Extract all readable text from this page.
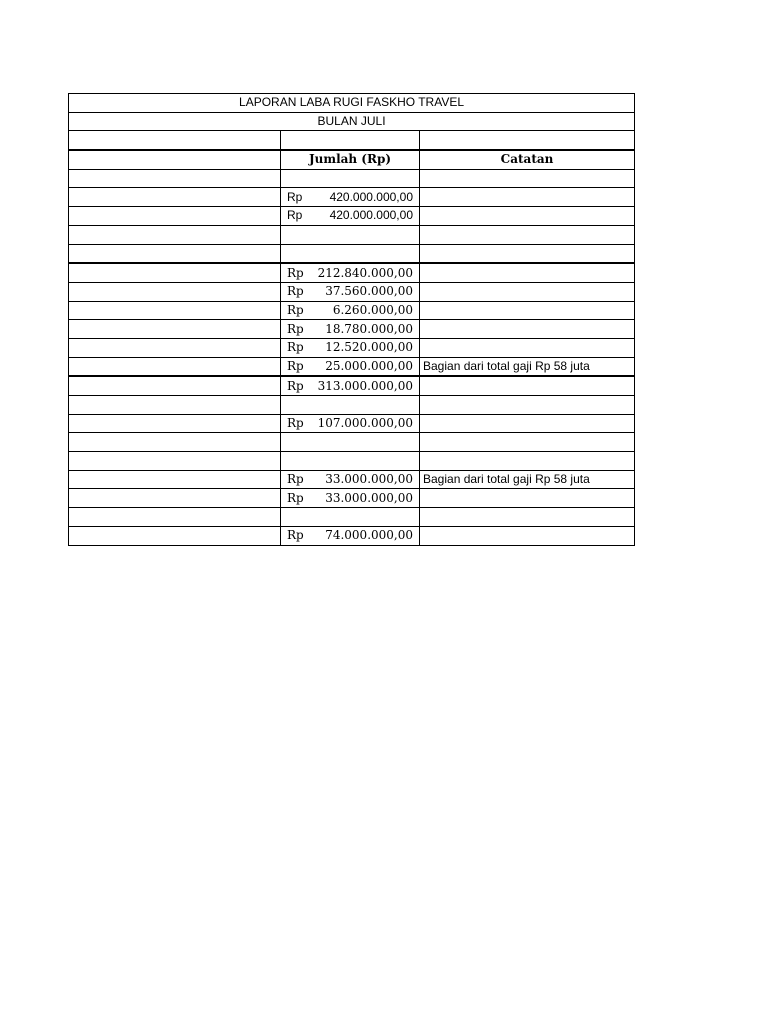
LAPORAN LABA RUGI FASKHO TRAVEL		
BULAN JULI		

	Jumlah (Rp)	Catatan

	Rp 420.000.000,00	

	Rp 420.000.000,00	

	Rp 212.840.000,00	

	Rp 37.560.000,00	

	Rp 6.260.000,00	

	Rp 18.780.000,00	

	Rp 12.520.000,00	

	Rp 25.000.000,00	Bagian dari total gaji Rp 58 juta

	Rp 313.000.000,00	

	Rp 107.000.000,00	

	Rp 33.000.000,00	Bagian dari total gaji Rp 58 juta

	Rp 33.000.000,00	

	Rp 74.000.000,00	
